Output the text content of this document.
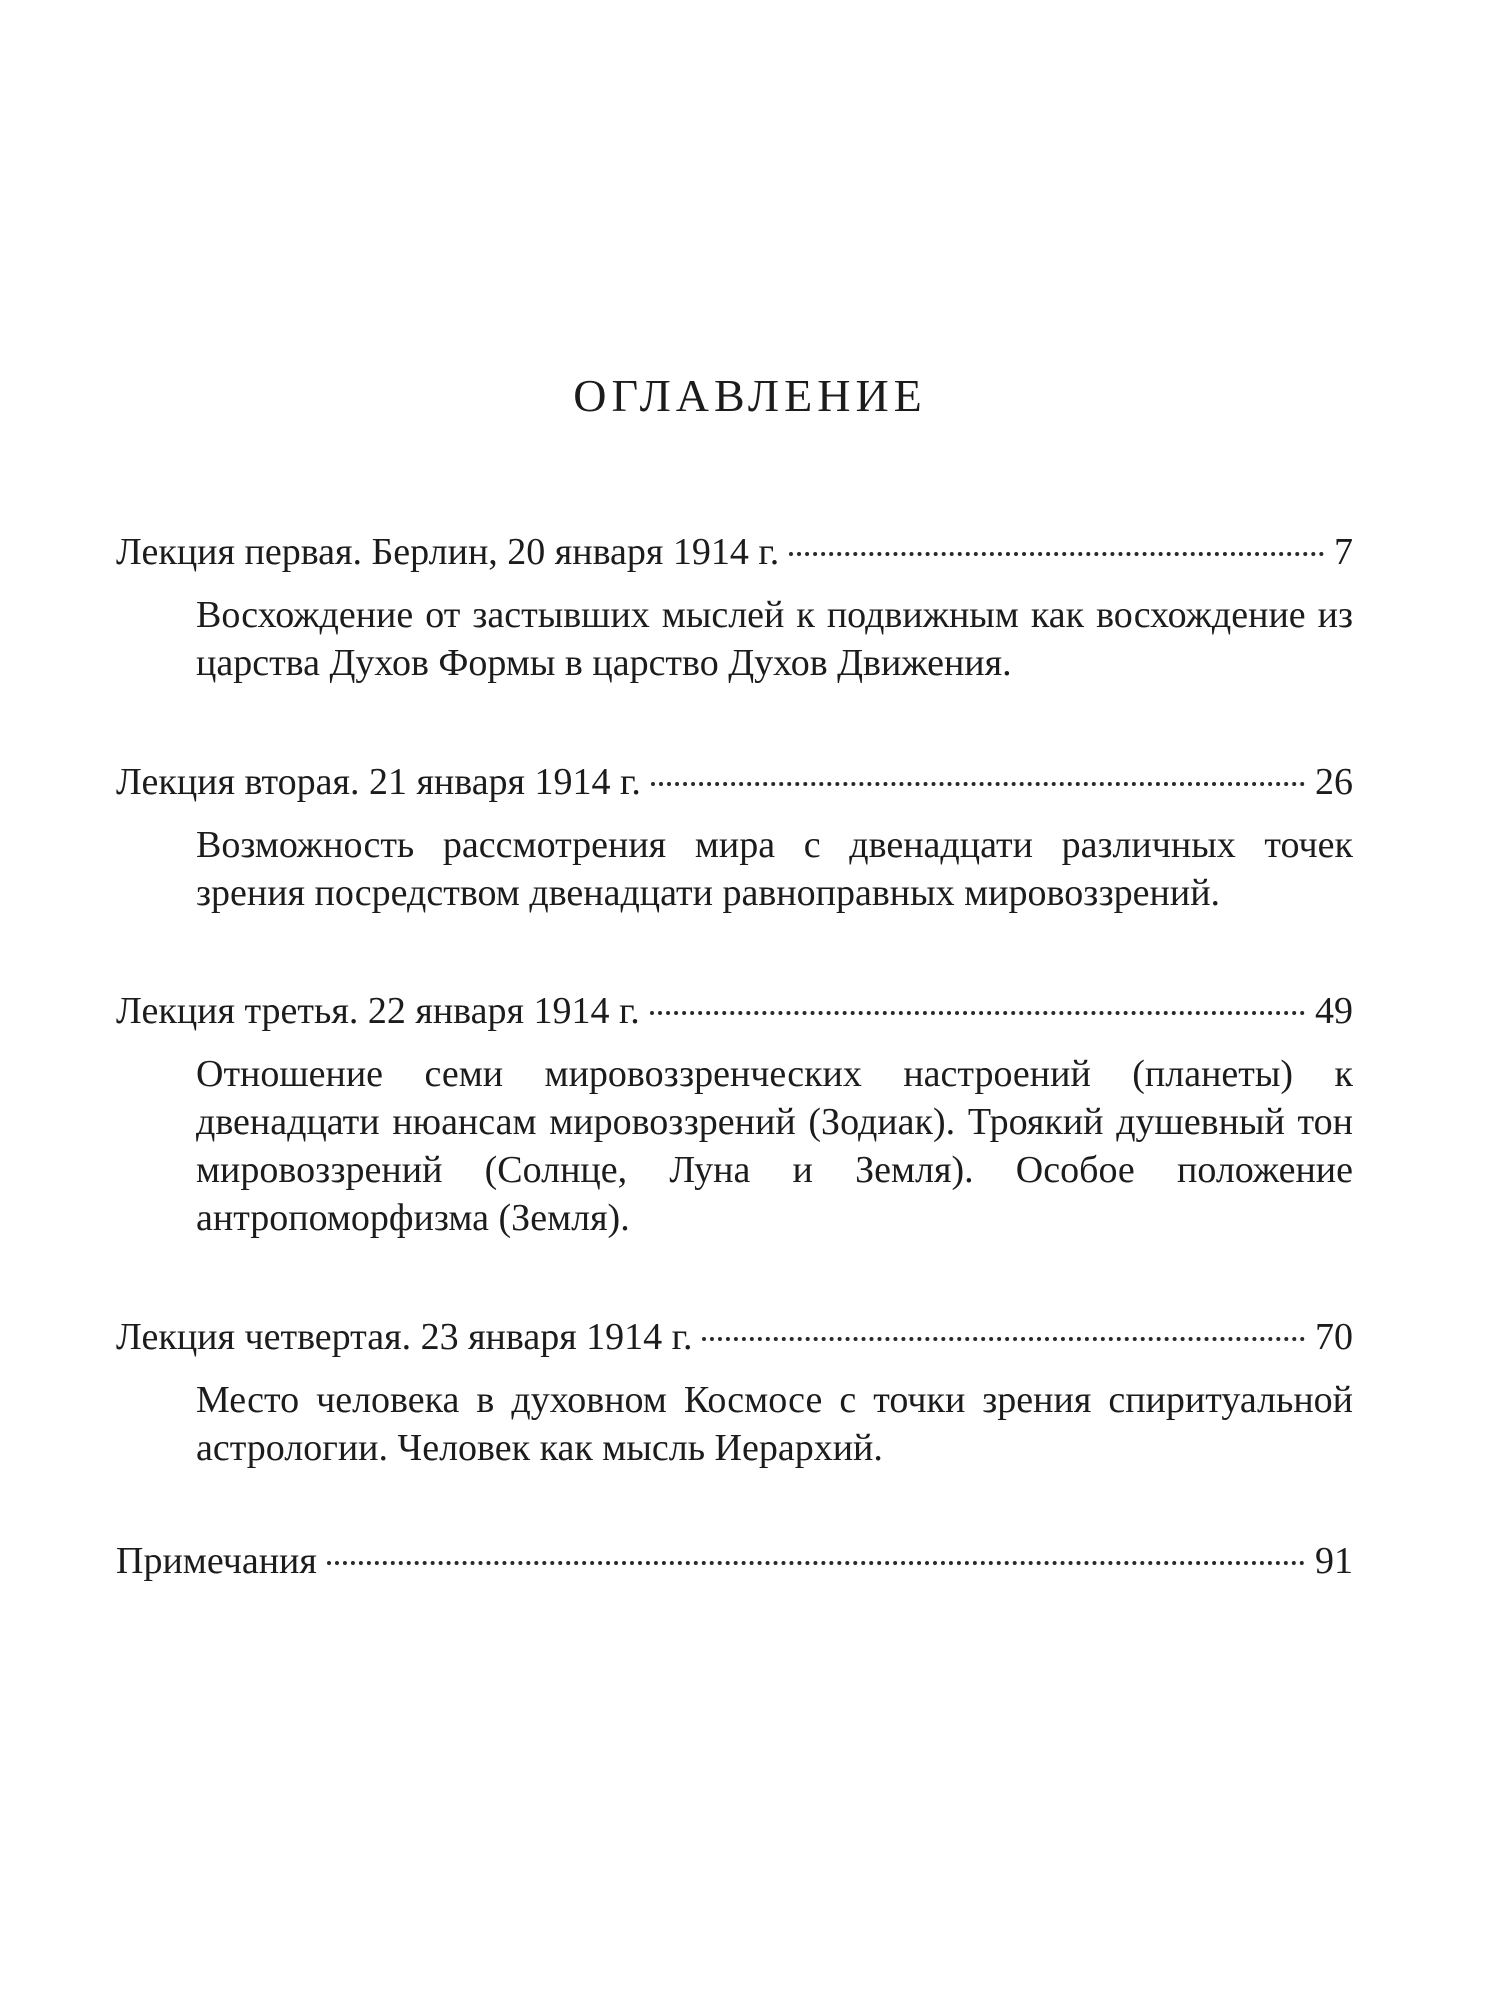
ОГЛАВЛЕНИЕ
Лекция первая. Берлин, 20 января 1914 г.	7
Восхождение от застывших мыслей к подвижным как восхождение из царства Духов Формы в царство Духов Движения.
Лекция вторая. 21 января 1914 г.	26
Возможность рассмотрения мира с двенадцати различных точек зрения посредством двенадцати равноправных мировоззрений.
Лекция третья. 22 января 1914 г.	49
Отношение семи мировоззренческих настроений (планеты) к двенадцати нюансам мировоззрений (Зодиак). Троякий душевный тон мировоззрений (Солнце, Луна и Земля). Особое положение антропоморфизма (Земля).
Лекция четвертая. 23 января 1914 г.	70
Место человека в духовном Космосе с точки зрения спиритуальной астрологии. Человек как мысль Иерархий.
Примечания	91
